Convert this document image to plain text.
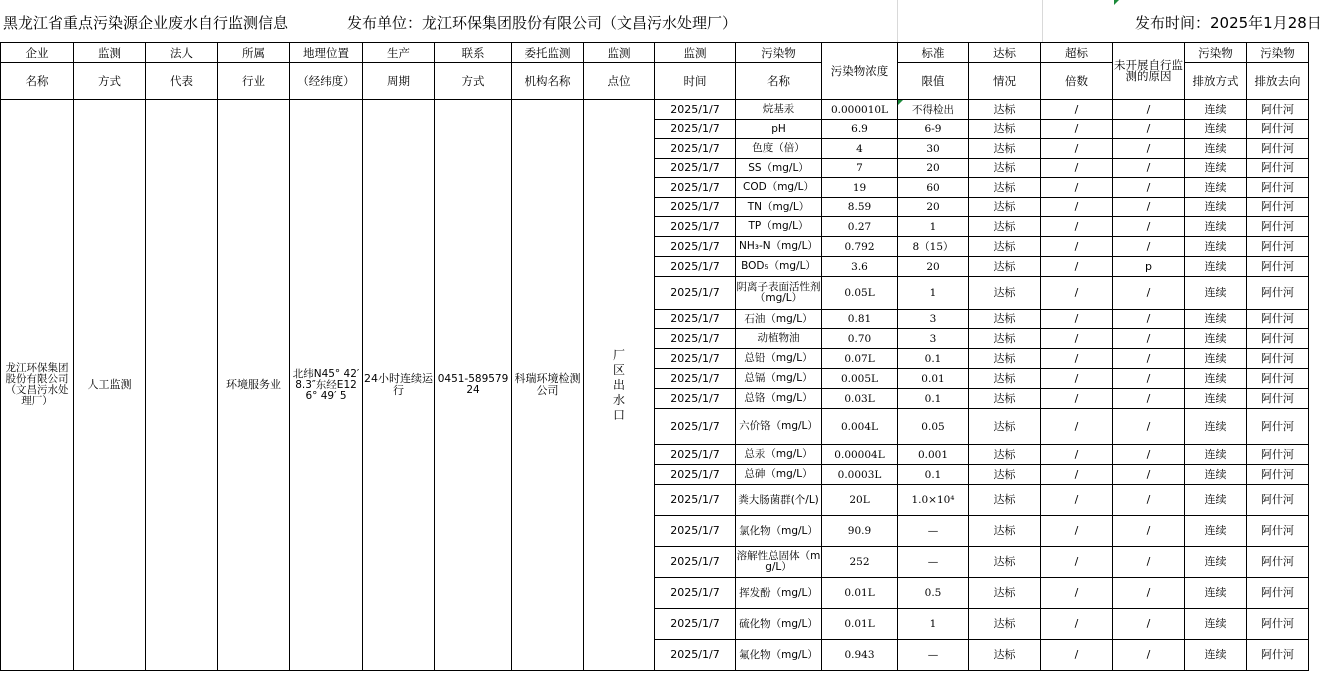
黑龙江省重点污染源企业废水自行监测信息	发布单位：龙江环保集团股份有限公司（文昌污水处理厂）	发布时间：2025年1月28日
企业	监测	法人	所属	地理位置	生产	联系	委托监测	监测	监测	污染物	污染物浓度	标准	达标	超标	未开展自行监测的原因	污染物	污染物
名称	方式	代表	行业	（经纬度）	周期	方式	机构名称	点位	时间	名称		限值	情况	倍数		排放方式	排放去向
龙江环保集团股份有限公司（文昌污水处理厂）	人工监测		环境服务业	北纬N45° 42′ 8.3″东经E126° 49′ 5	24小时连续运行	0451-58957924	科瑞环境检测公司	厂区出水口	2025/1/7	烷基汞	0.000010L	不得检出	达标	/	/	连续	阿什河
									2025/1/7	pH	6.9	6-9	达标	/	/	连续	阿什河
									2025/1/7	色度（倍）	4	30	达标	/	/	连续	阿什河
									2025/1/7	SS（mg/L）	7	20	达标	/	/	连续	阿什河
									2025/1/7	COD（mg/L）	19	60	达标	/	/	连续	阿什河
									2025/1/7	TN（mg/L）	8.59	20	达标	/	/	连续	阿什河
									2025/1/7	TP（mg/L）	0.27	1	达标	/	/	连续	阿什河
									2025/1/7	NH₃-N（mg/L）	0.792	8（15）	达标	/	/	连续	阿什河
									2025/1/7	BOD₅（mg/L）	3.6	20	达标	/	p	连续	阿什河
									2025/1/7	阴离子表面活性剂（mg/L）	0.05L	1	达标	/	/	连续	阿什河
									2025/1/7	石油（mg/L）	0.81	3	达标	/	/	连续	阿什河
									2025/1/7	动植物油	0.70	3	达标	/	/	连续	阿什河
									2025/1/7	总铅（mg/L）	0.07L	0.1	达标	/	/	连续	阿什河
									2025/1/7	总镉（mg/L）	0.005L	0.01	达标	/	/	连续	阿什河
									2025/1/7	总铬（mg/L）	0.03L	0.1	达标	/	/	连续	阿什河
									2025/1/7	六价铬（mg/L）	0.004L	0.05	达标	/	/	连续	阿什河
									2025/1/7	总汞（mg/L）	0.00004L	0.001	达标	/	/	连续	阿什河
									2025/1/7	总砷（mg/L）	0.0003L	0.1	达标	/	/	连续	阿什河
									2025/1/7	粪大肠菌群(个/L)	20L	1.0×10⁴	达标	/	/	连续	阿什河
									2025/1/7	氯化物（mg/L）	90.9	—	达标	/	/	连续	阿什河
									2025/1/7	溶解性总固体（mg/L）	252	—	达标	/	/	连续	阿什河
									2025/1/7	挥发酚（mg/L）	0.01L	0.5	达标	/	/	连续	阿什河
									2025/1/7	硫化物（mg/L）	0.01L	1	达标	/	/	连续	阿什河
									2025/1/7	氟化物（mg/L）	0.943	—	达标	/	/	连续	阿什河
